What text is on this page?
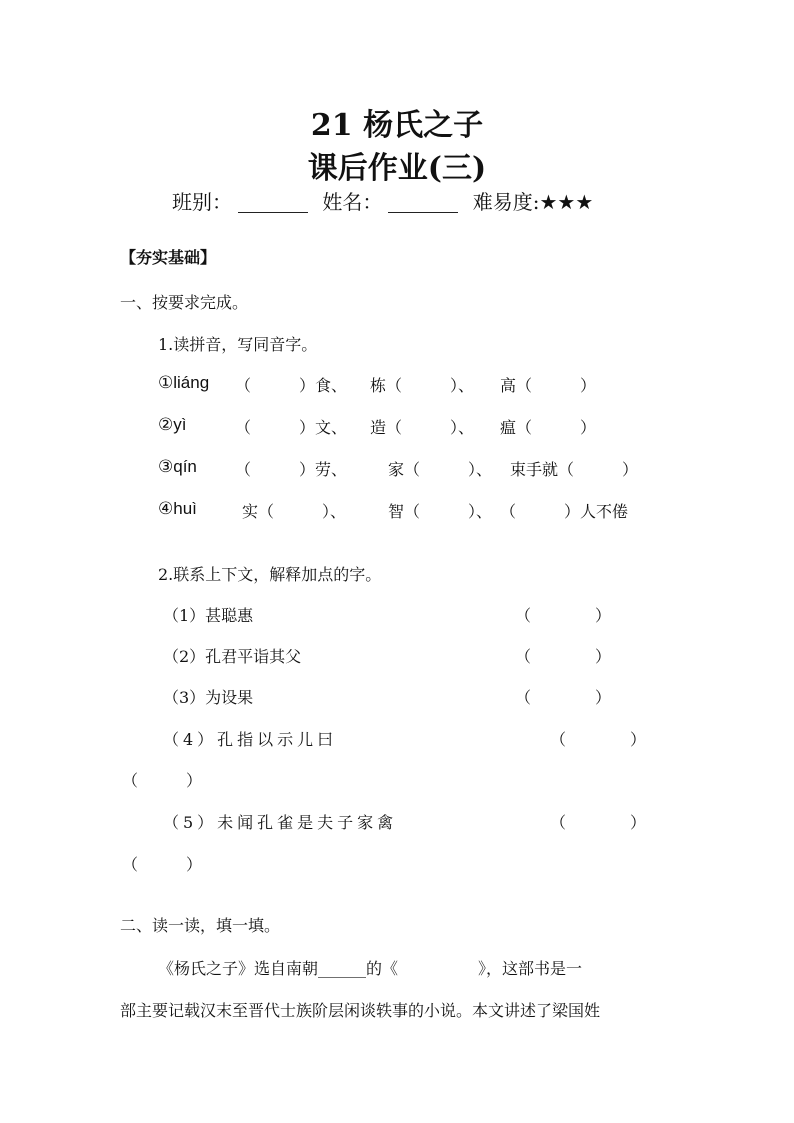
21 杨氏之子
课后作业(三)
班别：	姓名：	难易度:★★★
【夯实基础】
一、按要求完成。
1.读拼音，写同音字。
①liáng （　　　）食、 栋（　　　）、 高（　　　）
②yì	（　　　）文、 造（　　　）、 瘟（　　　）
③qín （　　　）劳、	家（　　　）、 束手就（　　　）
④huì	实（　　　）、	智（　　　）、 （　　　）人不倦
2.联系上下文，解释加点的字。
（1）甚聪惠	（　　　　）
（2）孔君平诣其父	（　　　　）
（3）为设果	（　　　　）
（4）孔指以示儿曰	（　　　　）
（　　　）
（5）未闻孔雀是夫子家禽	（　　　　）
（　　　）
二、读一读，填一填。
《杨氏之子》选自南朝______的《　　　　　》，这部书是一
部主要记载汉末至晋代士族阶层闲谈轶事的小说。本文讲述了梁国姓
